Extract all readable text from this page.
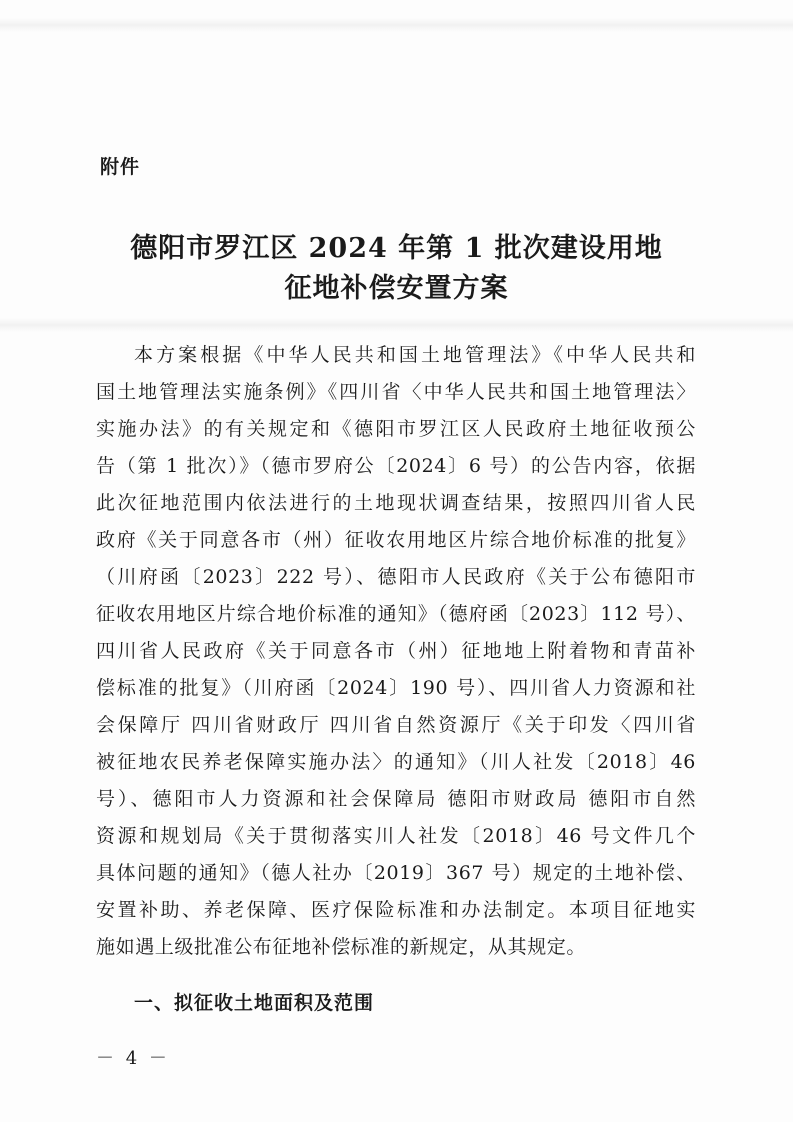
附件
德阳市罗江区 2024 年第 1 批次建设用地
征地补偿安置方案
本方案根据《中华人民共和国土地管理法》《中华人民共和
国土地管理法实施条例》《四川省〈中华人民共和国土地管理法〉
实施办法》的有关规定和《德阳市罗江区人民政府土地征收预公
告（第 1 批次）》（德市罗府公〔2024〕6 号）的公告内容，依据
此次征地范围内依法进行的土地现状调查结果，按照四川省人民
政府《关于同意各市（州）征收农用地区片综合地价标准的批复》
（川府函〔2023〕222 号）、德阳市人民政府《关于公布德阳市
征收农用地区片综合地价标准的通知》（德府函〔2023〕112 号）、
四川省人民政府《关于同意各市（州）征地地上附着物和青苗补
偿标准的批复》（川府函〔2024〕190 号）、四川省人力资源和社
会保障厅 四川省财政厅 四川省自然资源厅《关于印发〈四川省
被征地农民养老保障实施办法〉的通知》（川人社发〔2018〕46
号）、德阳市人力资源和社会保障局 德阳市财政局 德阳市自然
资源和规划局《关于贯彻落实川人社发〔2018〕46 号文件几个
具体问题的通知》（德人社办〔2019〕367 号）规定的土地补偿、
安置补助、养老保障、医疗保险标准和办法制定。本项目征地实
施如遇上级批准公布征地补偿标准的新规定，从其规定。
一、拟征收土地面积及范围
－ 4 －
